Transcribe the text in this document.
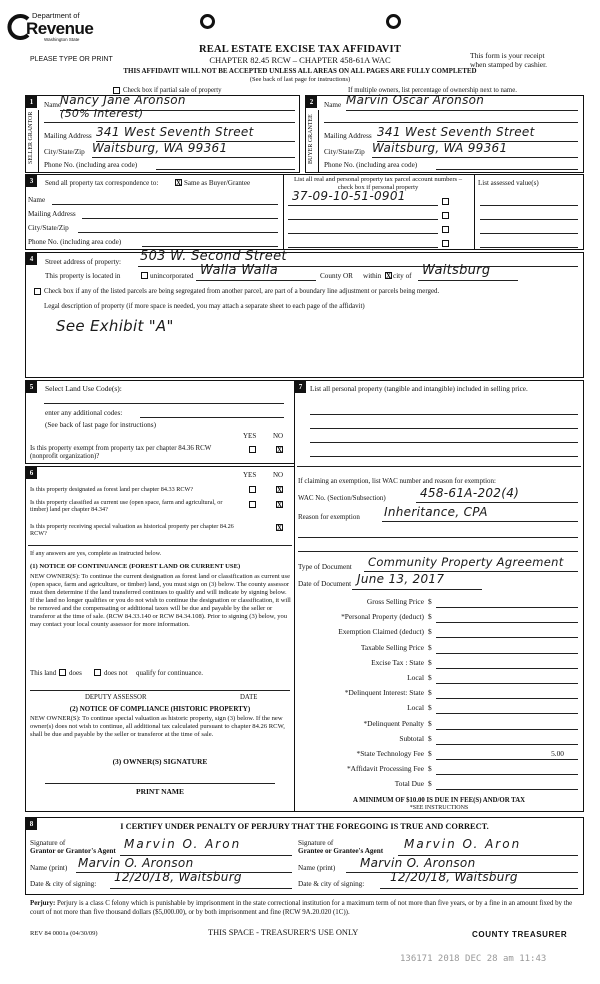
Department of
Revenue
Washington State
PLEASE TYPE OR PRINT
REAL ESTATE EXCISE TAX AFFIDAVIT
CHAPTER 82.45 RCW – CHAPTER 458-61A WAC
THIS AFFIDAVIT WILL NOT BE ACCEPTED UNLESS ALL AREAS ON ALL PAGES ARE FULLY COMPLETED
(See back of last page for instructions)
This form is your receipt
when stamped by cashier.
Check box if partial sale of property	If multiple owners, list percentage of ownership next to name.
1	2
SELLER GRANTOR	BUYER GRANTEE
Name
Nancy Jane Aronson
(50% Interest)
Mailing Address 341 West Seventh Street
City/State/Zip Waitsburg, WA 99361
Phone No. (including area code)
Name Marvin Oscar Aronson
Mailing Address 341 West Seventh Street
City/State/Zip Waitsburg, WA 99361
Phone No. (including area code)
3	Send all property tax correspondence to:	X Same as Buyer/Grantee
Name
Mailing Address
City/State/Zip
Phone No. (including area code)
List all real and personal property tax parcel account numbers – check box if personal property
List assessed value(s)
37-09-10-51-0901
4	Street address of property: 503 W. Second Street
This property is located in	unincorporated Walla Walla	County OR within X city of Waitsburg
Check box if any of the listed parcels are being segregated from another parcel, are part of a boundary line adjustment or parcels being merged.
Legal description of property (if more space is needed, you may attach a separate sheet to each page of the affidavit)
See Exhibit "A"
5	Select Land Use Code(s):
enter any additional codes:
(See back of last page for instructions)
YES NO
Is this property exempt from property tax per chapter 84.36 RCW (nonprofit organization)?
X
6	YES NO
Is this property designated as forest land per chapter 84.33 RCW?	X
Is this property classified as current use (open space, farm and agricultural, or timber) land per chapter 84.34?
X
Is this property receiving special valuation as historical property per chapter 84.26 RCW?
X
If any answers are yes, complete as instructed below.
(1) NOTICE OF CONTINUANCE (FOREST LAND OR CURRENT USE)
NEW OWNER(S): To continue the current designation as forest land or classification as current use (open space, farm and agriculture, or timber) land, you must sign on (3) below. The county assessor must then determine if the land transferred continues to qualify and will indicate by signing below. If the land no longer qualifies or you do not wish to continue the designation or classification, it will be removed and the compensating or additional taxes will be due and payable by the seller or transferor at the time of sale. (RCW 84.33.140 or RCW 84.34.108). Prior to signing (3) below, you may contact your local county assessor for more information.
This land does	does not qualify for continuance.
DEPUTY ASSESSOR	DATE
(2) NOTICE OF COMPLIANCE (HISTORIC PROPERTY)
NEW OWNER(S): To continue special valuation as historic property, sign (3) below. If the new owner(s) does not wish to continue, all additional tax calculated pursuant to chapter 84.26 RCW, shall be due and payable by the seller or transferor at the time of sale.
(3) OWNER(S) SIGNATURE
PRINT NAME
7	List all personal property (tangible and intangible) included in selling price.
If claiming an exemption, list WAC number and reason for exemption:
WAC No. (Section/Subsection)	458-61A-202(4)
Reason for exemption Inheritance, CPA
Type of Document Community Property Agreement
Date of Document June 13, 2017
Gross Selling Price $
*Personal Property (deduct) $
Exemption Claimed (deduct) $
Taxable Selling Price $
Excise Tax : State $
Local $
*Delinquent Interest: State $
Local $
*Delinquent Penalty $
Subtotal $
*State Technology Fee $	5.00
*Affidavit Processing Fee $
Total Due $
A MINIMUM OF $10.00 IS DUE IN FEE(S) AND/OR TAX
*SEE INSTRUCTIONS
8	I CERTIFY UNDER PENALTY OF PERJURY THAT THE FOREGOING IS TRUE AND CORRECT.
Signature of
Grantor or Grantor's Agent Marvin O. Aron
Name (print) Marvin O. Aronson
Date & city of signing: 12/20/18, Waitsburg
Signature of
Grantee or Grantee's Agent Marvin O. Aron
Name (print) Marvin O. Aronson
Date & city of signing: 12/20/18, Waitsburg
Perjury: Perjury is a class C felony which is punishable by imprisonment in the state correctional institution for a maximum term of not more than five years, or by a fine in an amount fixed by the court of not more than five thousand dollars ($5,000.00), or by both imprisonment and fine (RCW 9A.20.020 (1C)).
REV 84 0001a (04/30/09)	THIS SPACE - TREASURER'S USE ONLY	COUNTY TREASURER
136171 2018 DEC 28 am 11:43
